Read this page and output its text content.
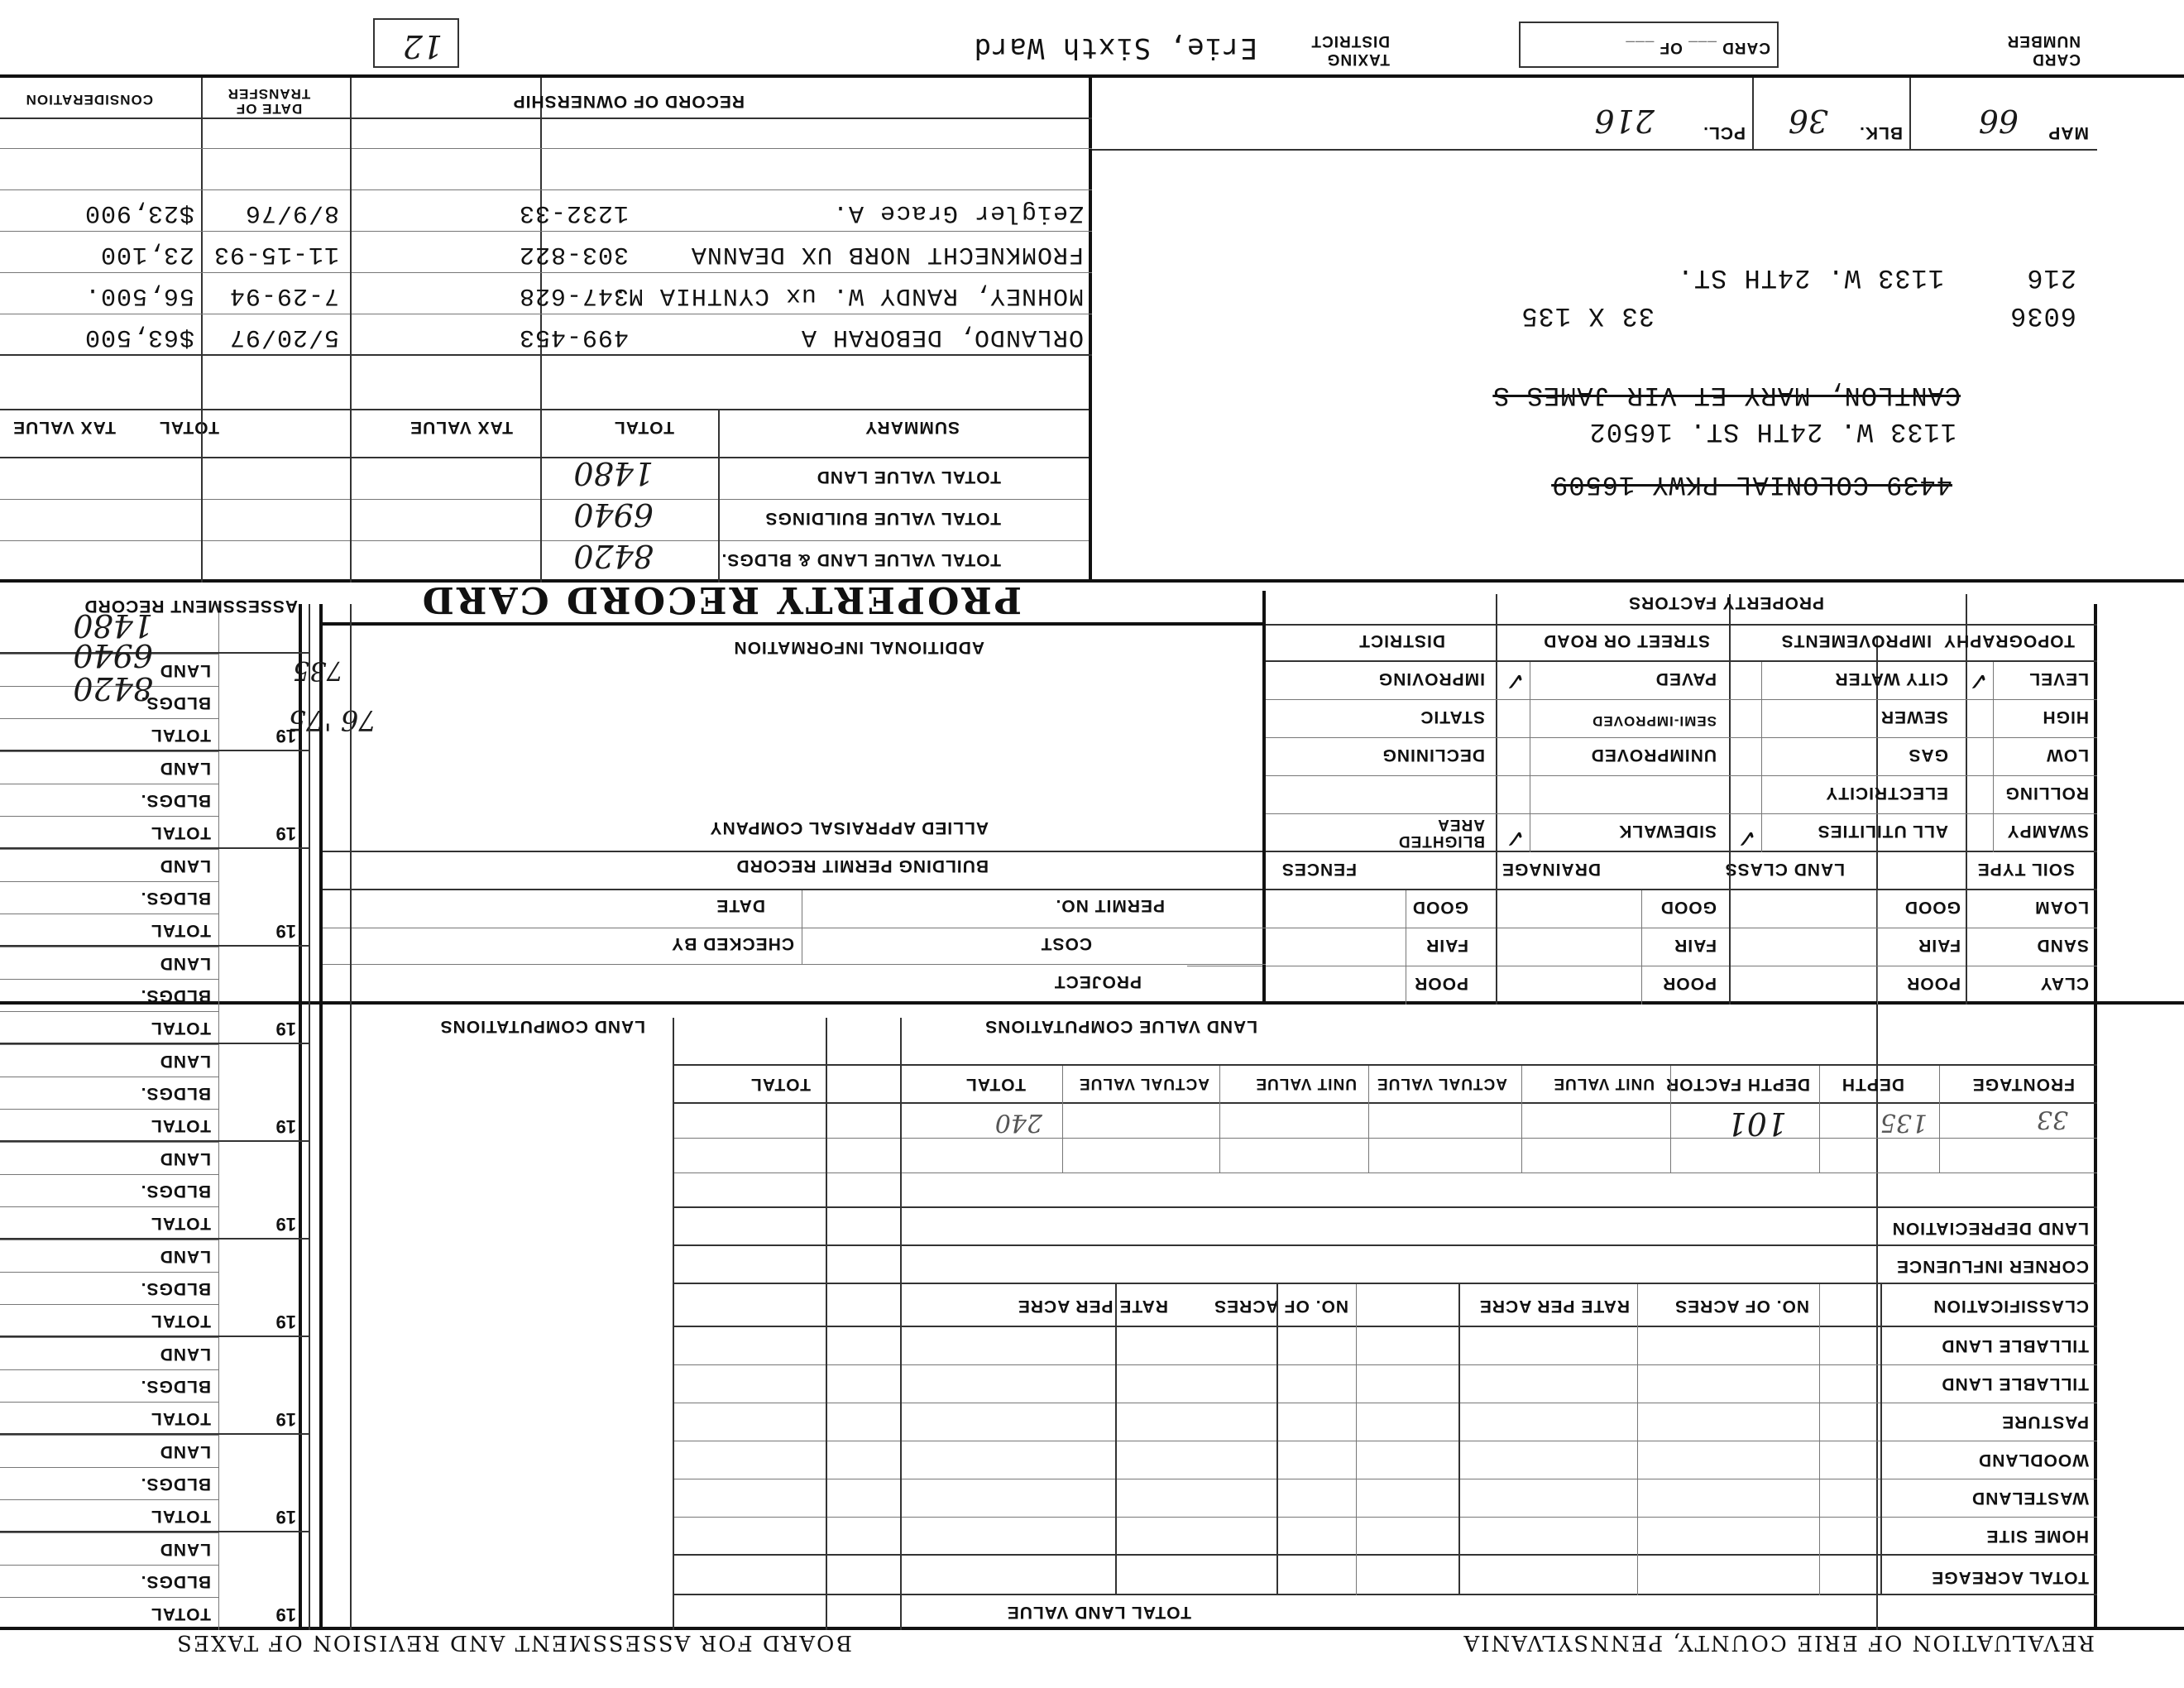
REVALUATION OF ERIE COUNTY, PENNSYLVANIA
BOARD FOR ASSESSMENT AND REVISION OF TAXES
TOTAL LAND VALUE
TOTAL ACREAGE
HOME SITE
WASTELAND
WOODLAND
PASTURE
TILLABLE LAND
TILLABLE LAND
CLASSIFICATION
NO. OF ACRES
RATE PER ACRE
NO. OF ACRES
RATE PER ACRE
CORNER INFLUENCE
LAND DEPRECIATION
FRONTAGE
DEPTH
DEPTH FACTOR
UNIT VALUE
ACTUAL VALUE
UNIT VALUE
ACTUAL VALUE
TOTAL
TOTAL
33
135
101
240
LAND VALUE COMPUTATIONS
LAND COMPUTATIONS
CLAY
SAND
LOAM
POOR
FAIR
GOOD
POOR
FAIR
GOOD
POOR
FAIR
GOOD
SOIL TYPE
LAND CLASS
DRAINAGE
FENCES
PROJECT
COST
PERMIT NO.
CHECKED BY
DATE
BUILDING PERMIT RECORD
SWAMPY
ROLLING
LOW
HIGH
LEVEL
ALL UTILITIES
ELECTRICITY
GAS
SEWER
CITY WATER
SIDEWALK
UNIMPROVED
SEMI-IMPROVED
PAVED
BLIGHTED AREA
DECLINING
STATIC
IMPROVING	✓
✓
✓
✓
TOPOGRAPHY
IMPROVEMENTS
STREET OR ROAD
DISTRICT
PROPERTY FACTORS
ALLIED APPRAISAL COMPANY
ADDITIONAL INFORMATION
PROPERTY RECORD CARD
76 '75
735
19
TOTAL
BLDGS.
LAND
19
TOTAL
BLDGS.
LAND
19
TOTAL
BLDGS.
LAND
19
TOTAL
BLDGS.
LAND
19
TOTAL
BLDGS.
LAND
19
TOTAL
BLDGS.
LAND
19
TOTAL
BLDGS.
LAND
19
TOTAL
BLDGS.
LAND
19
TOTAL
BLDGS.
LAND
19
TOTAL
BLDGS.
LAND
8420
6940
1480
ASSESSMENT RECORD
TOTAL VALUE LAND & BLDGS.
TOTAL VALUE BUILDINGS
TOTAL VALUE LAND
SUMMARY
TOTAL
TAX VALUE
TOTAL
TAX VALUE
8420
6940
1480	4439 COLONIAL PKWY 16509
1133 W. 24TH ST. 16502
CANTLON, MARY ET VIR JAMES S
6036
33 X 135
216
1133 W. 24TH ST.
ORLANDO, DEBORAH A
499-453
5/20/97
$63,500
MOHNEY, RANDY W. ux CYNTHIA M.
347-628
7-29-94
56,500.
FROMKNECHT NORB UX DEANNA
303-822
11-15-93
23,100
Zeigler Grace A.
1232-33
8/9/76
$23,900
RECORD OF OWNERSHIP
DATE OF TRANSFER
CONSIDERATION
MAP
66
BLK.
36
PCL.
216
CARD NUMBER
CARD ___ OF ___
TAXING DISTRICT
Erie, Sixth Ward
12
